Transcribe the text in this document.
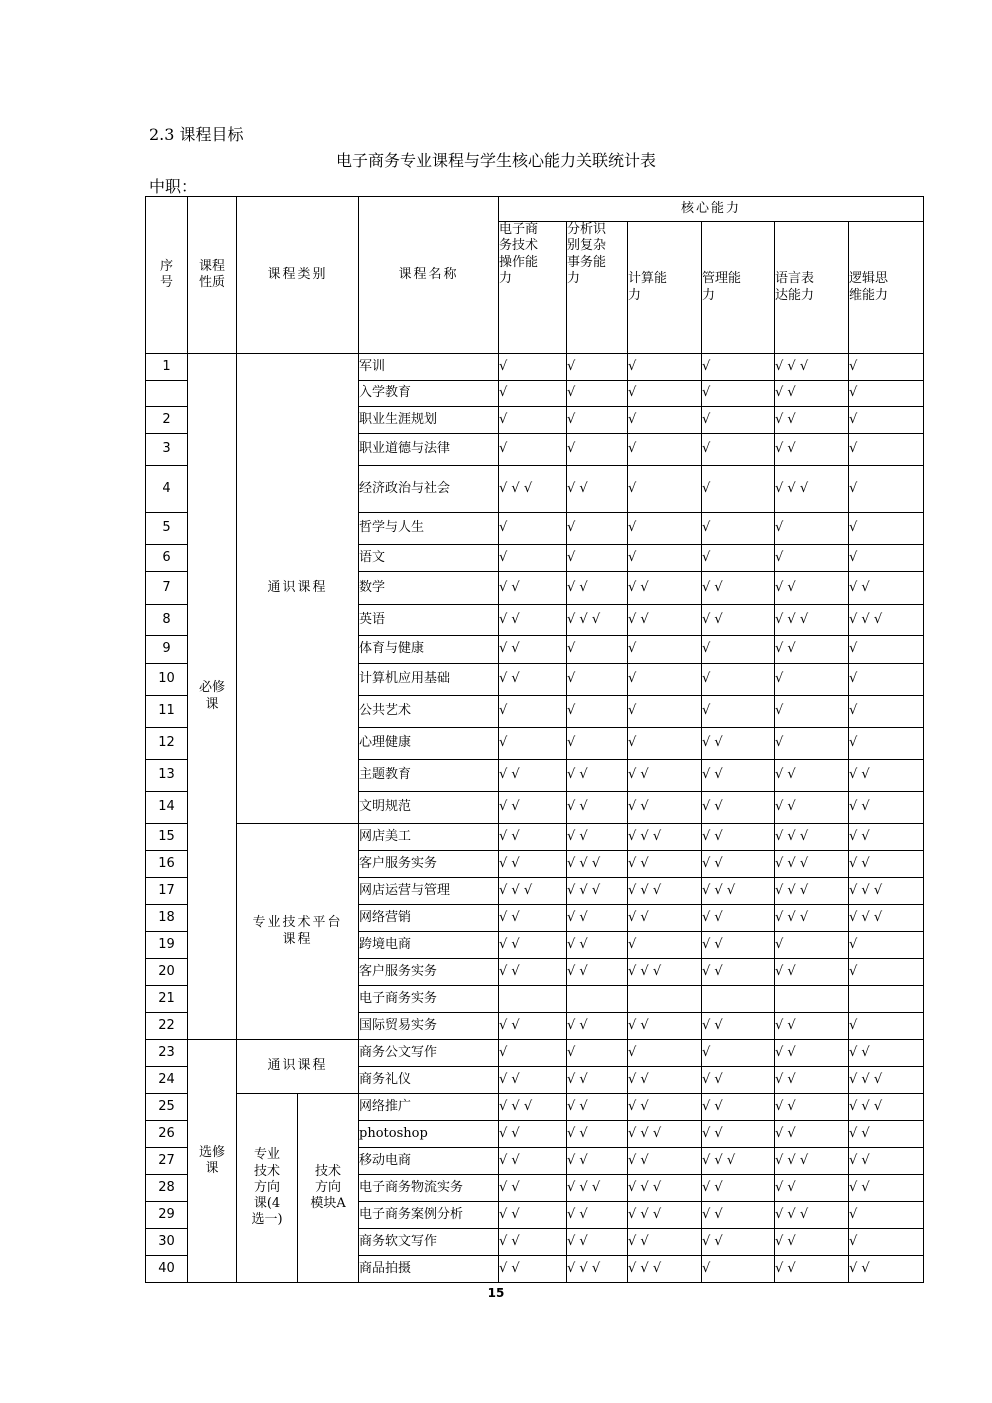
2.3 课程目标
电子商务专业课程与学生核心能力关联统计表
中职：
序号	课程性质	课程类别		课程名称	核心能力					

					电子商务技术操作能力	分析识别复杂事务能力	计算能力	管理能力	语言表达能力	逻辑思维能力

1	必修课	通识课程		军训	√	√	√	√	√ √ √	√
				入学教育	√	√	√	√	√ √	√
2				职业生涯规划	√	√	√	√	√ √	√
3				职业道德与法律	√	√	√	√	√ √	√
4				经济政治与社会	√ √ √	√ √	√	√	√ √ √	√
5				哲学与人生	√	√	√	√	√	√
6				语文	√	√	√	√	√	√
7				数学	√ √	√ √	√ √	√ √	√ √	√ √
8				英语	√ √	√ √ √	√ √	√ √	√ √ √	√ √ √
9				体育与健康	√ √	√	√	√	√ √	√
10				计算机应用基础	√ √	√	√	√	√	√
11				公共艺术	√	√	√	√	√	√
12				心理健康	√	√	√	√ √	√	√
13				主题教育	√ √	√ √	√ √	√ √	√ √	√ √
14				文明规范	√ √	√ √	√ √	√ √	√ √	√ √
15		专业技术平台课程		网店美工	√ √	√ √	√ √ √	√ √	√ √ √	√ √
16				客户服务实务	√ √	√ √ √	√ √	√ √	√ √ √	√ √
17				网店运营与管理	√ √ √	√ √ √	√ √ √	√ √ √	√ √ √	√ √ √
18				网络营销	√ √	√ √	√ √	√ √	√ √ √	√ √ √
19				跨境电商	√ √	√ √	√	√ √	√	√
20				客户服务实务	√ √	√ √	√ √ √	√ √	√ √	√
21				电子商务实务						
22				国际贸易实务	√ √	√ √	√ √	√ √	√ √	√
23	选修课	通识课程		商务公文写作	√	√	√	√	√ √	√ √
24				商务礼仪	√ √	√ √	√ √	√ √	√ √	√ √ √
25		专业技术方向课(4选一)	技术方向模块A	网络推广	√ √ √	√ √	√ √	√ √	√ √	√ √ √
26				photoshop	√ √	√ √	√ √ √	√ √	√ √	√ √
27				移动电商	√ √	√ √	√ √	√ √ √	√ √ √	√ √
28				电子商务物流实务	√ √	√ √ √	√ √ √	√ √	√ √	√ √
29				电子商务案例分析	√ √	√ √	√ √ √	√ √	√ √ √	√
30				商务软文写作	√ √	√ √	√ √	√ √	√ √	√
40				商品拍摄	√ √	√ √ √	√ √ √	√	√ √	√ √
15
